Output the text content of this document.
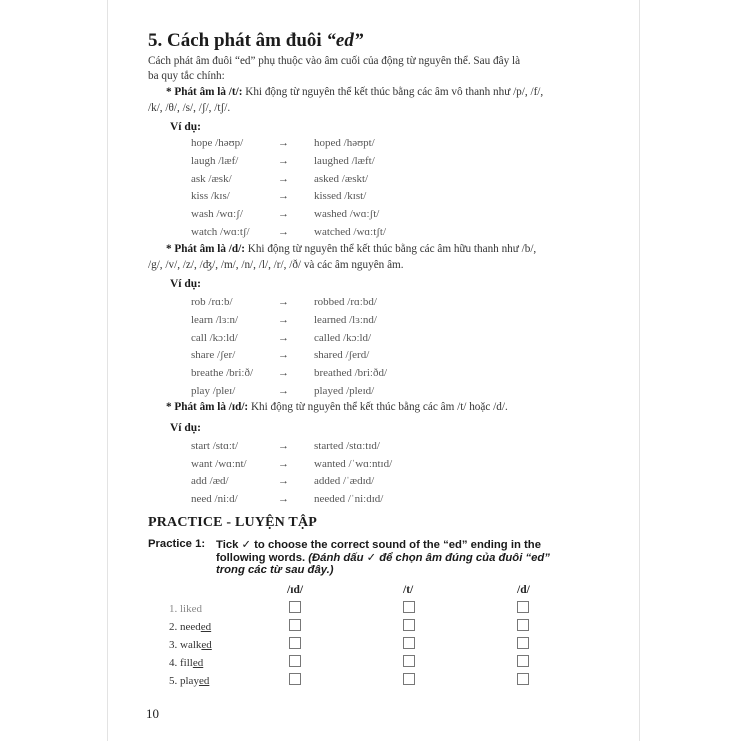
5. Cách phát âm đuôi “ed”
Cách phát âm đuôi “ed” phụ thuộc vào âm cuối của động từ nguyên thể. Sau đây là
ba quy tắc chính:
* Phát âm là /t/: Khi động từ nguyên thể kết thúc bằng các âm vô thanh như /p/, /f/,
/k/, /θ/, /s/, /ʃ/, /tʃ/.
Ví dụ:
hope /həʊp/	→ hoped /həʊpt/
laugh /læf/	→ laughed /læft/
ask /æsk/	→ asked /æskt/
kiss /kɪs/	→ kissed /kɪst/
wash /wɑːʃ/	→ washed /wɑːʃt/
watch /wɑːtʃ/	→ watched /wɑːtʃt/
* Phát âm là /d/: Khi động từ nguyên thể kết thúc bằng các âm hữu thanh như /b/,
/g/, /v/, /z/, /ʤ/, /m/, /n/, /l/, /r/, /ð/ và các âm nguyên âm.
Ví dụ:
rob /rɑːb/	→ robbed /rɑːbd/
learn /lɜːn/	→ learned /lɜːnd/
call /kɔːld/	→ called /kɔːld/
share /ʃer/	→ shared /ʃerd/
breathe /briːð/ → breathed /briːðd/
play /pleɪ/	→ played /pleɪd/
* Phát âm là /ɪd/: Khi động từ nguyên thể kết thúc bằng các âm /t/ hoặc /d/.
Ví dụ:
start /stɑːt/	→ started /stɑːtɪd/
want /wɑːnt/	→ wanted /ˈwɑːntɪd/
add /æd/	→ added /ˈædɪd/
need /niːd/	→ needed /ˈniːdɪd/
PRACTICE - LUYỆN TẬP
Practice 1: Tick ✓ to choose the correct sound of the “ed” ending in the
following words. (Đánh dấu ✓ để chọn âm đúng của đuôi “ed”
trong các từ sau đây.)
/ɪd/	/t/	/d/
1. liked
2. needed
3. walked
4. filled
5. played
10
